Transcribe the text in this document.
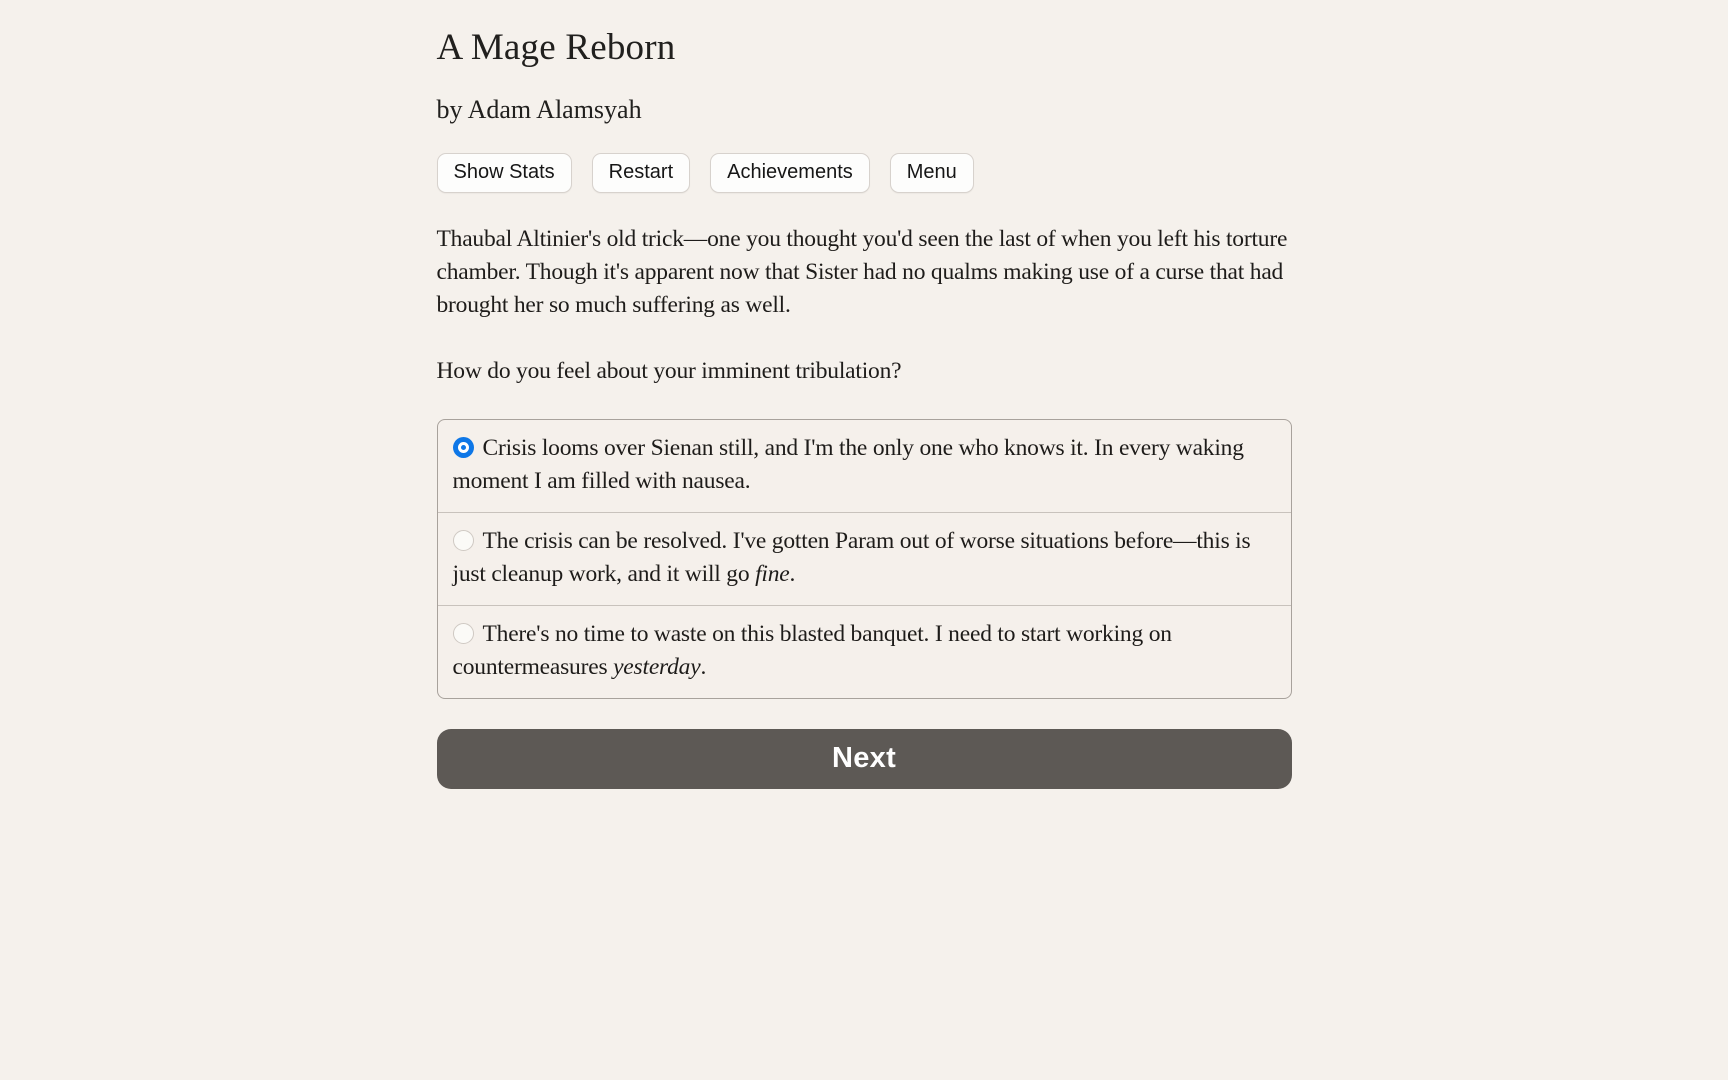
A Mage Reborn
by Adam Alamsyah
Show Stats	Restart	Achievements	Menu
Thaubal Altinier's old trick—one you thought you'd seen the last of when you left his torture chamber. Though it's apparent now that Sister had no qualms making use of a curse that had brought her so much suffering as well.
How do you feel about your imminent tribulation?
Crisis looms over Sienan still, and I'm the only one who knows it. In every waking moment I am filled with nausea.
The crisis can be resolved. I've gotten Param out of worse situations before—this is just cleanup work, and it will go fine.
There's no time to waste on this blasted banquet. I need to start working on countermeasures yesterday.
Next
